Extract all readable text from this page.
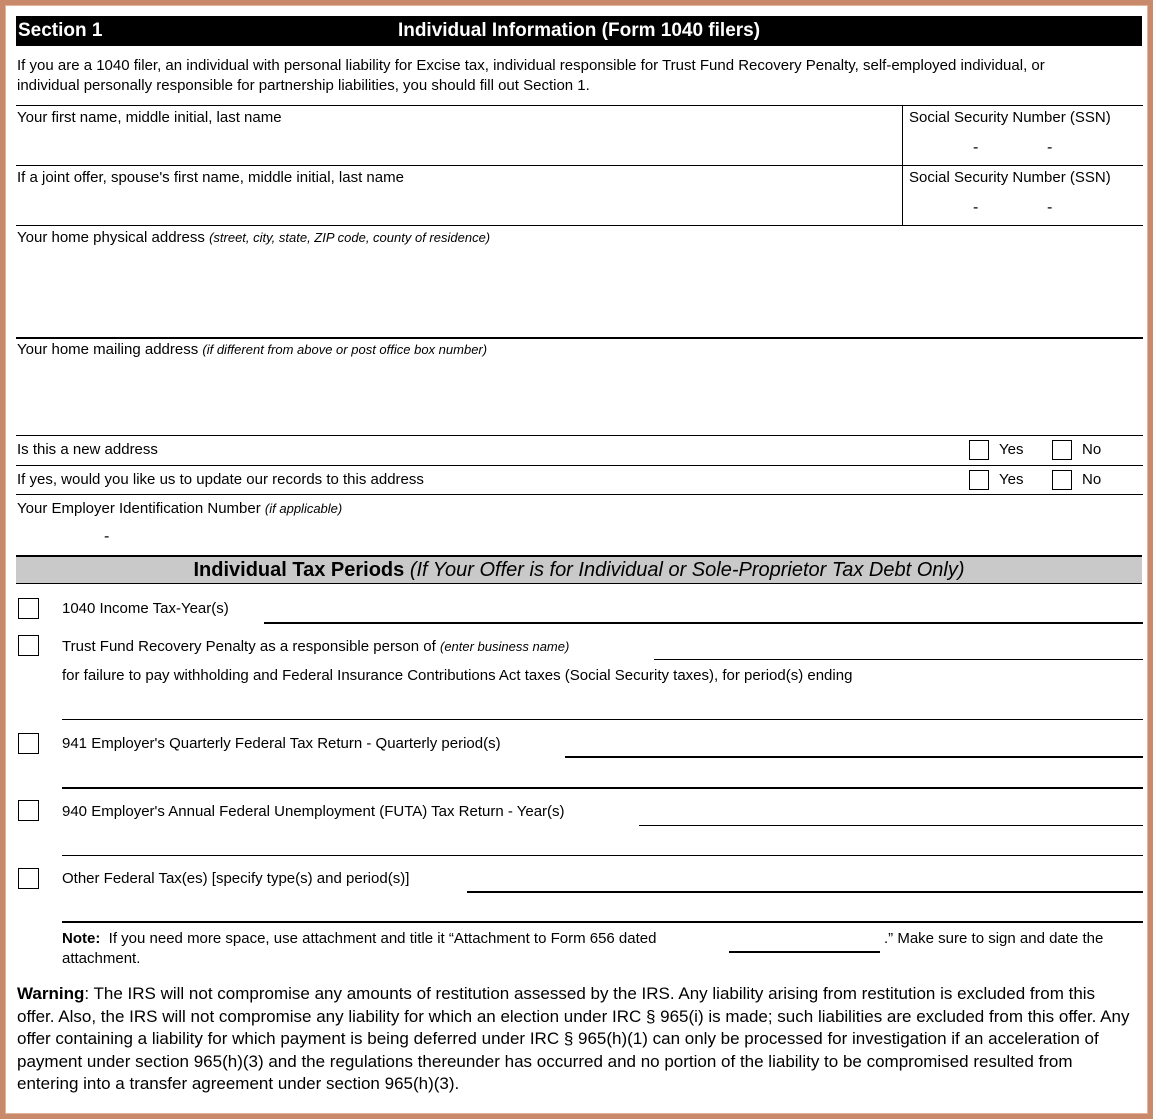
Individual Information (Form 1040 filers)
Section 1
If you are a 1040 filer, an individual with personal liability for Excise tax, individual responsible for Trust Fund Recovery Penalty, self-employed individual, or individual personally responsible for partnership liabilities, you should fill out Section 1.
Your first name, middle initial, last name	Social Security Number (SSN)
-	-
If a joint offer, spouse's first name, middle initial, last name	Social Security Number (SSN)
-	-
Your home physical address (street, city, state, ZIP code, county of residence)
Your home mailing address (if different from above or post office box number)
Is this a new address	Yes	No
If yes, would you like us to update our records to this address	Yes	No
Your Employer Identification Number (if applicable)
-
Individual Tax Periods (If Your Offer is for Individual or Sole-Proprietor Tax Debt Only)
1040 Income Tax-Year(s)
Trust Fund Recovery Penalty as a responsible person of (enter business name)
for failure to pay withholding and Federal Insurance Contributions Act taxes (Social Security taxes), for period(s) ending
941 Employer's Quarterly Federal Tax Return - Quarterly period(s)
940 Employer's Annual Federal Unemployment (FUTA) Tax Return - Year(s)
Other Federal Tax(es) [specify type(s) and period(s)]
Note: If you need more space, use attachment and title it “Attachment to Form 656 dated	.” Make sure to sign and date the
attachment.
Warning: The IRS will not compromise any amounts of restitution assessed by the IRS. Any liability arising from restitution is excluded from this offer. Also, the IRS will not compromise any liability for which an election under IRC § 965(i) is made; such liabilities are excluded from this offer. Any offer containing a liability for which payment is being deferred under IRC § 965(h)(1) can only be processed for investigation if an acceleration of payment under section 965(h)(3) and the regulations thereunder has occurred and no portion of the liability to be compromised resulted from entering into a transfer agreement under section 965(h)(3).
